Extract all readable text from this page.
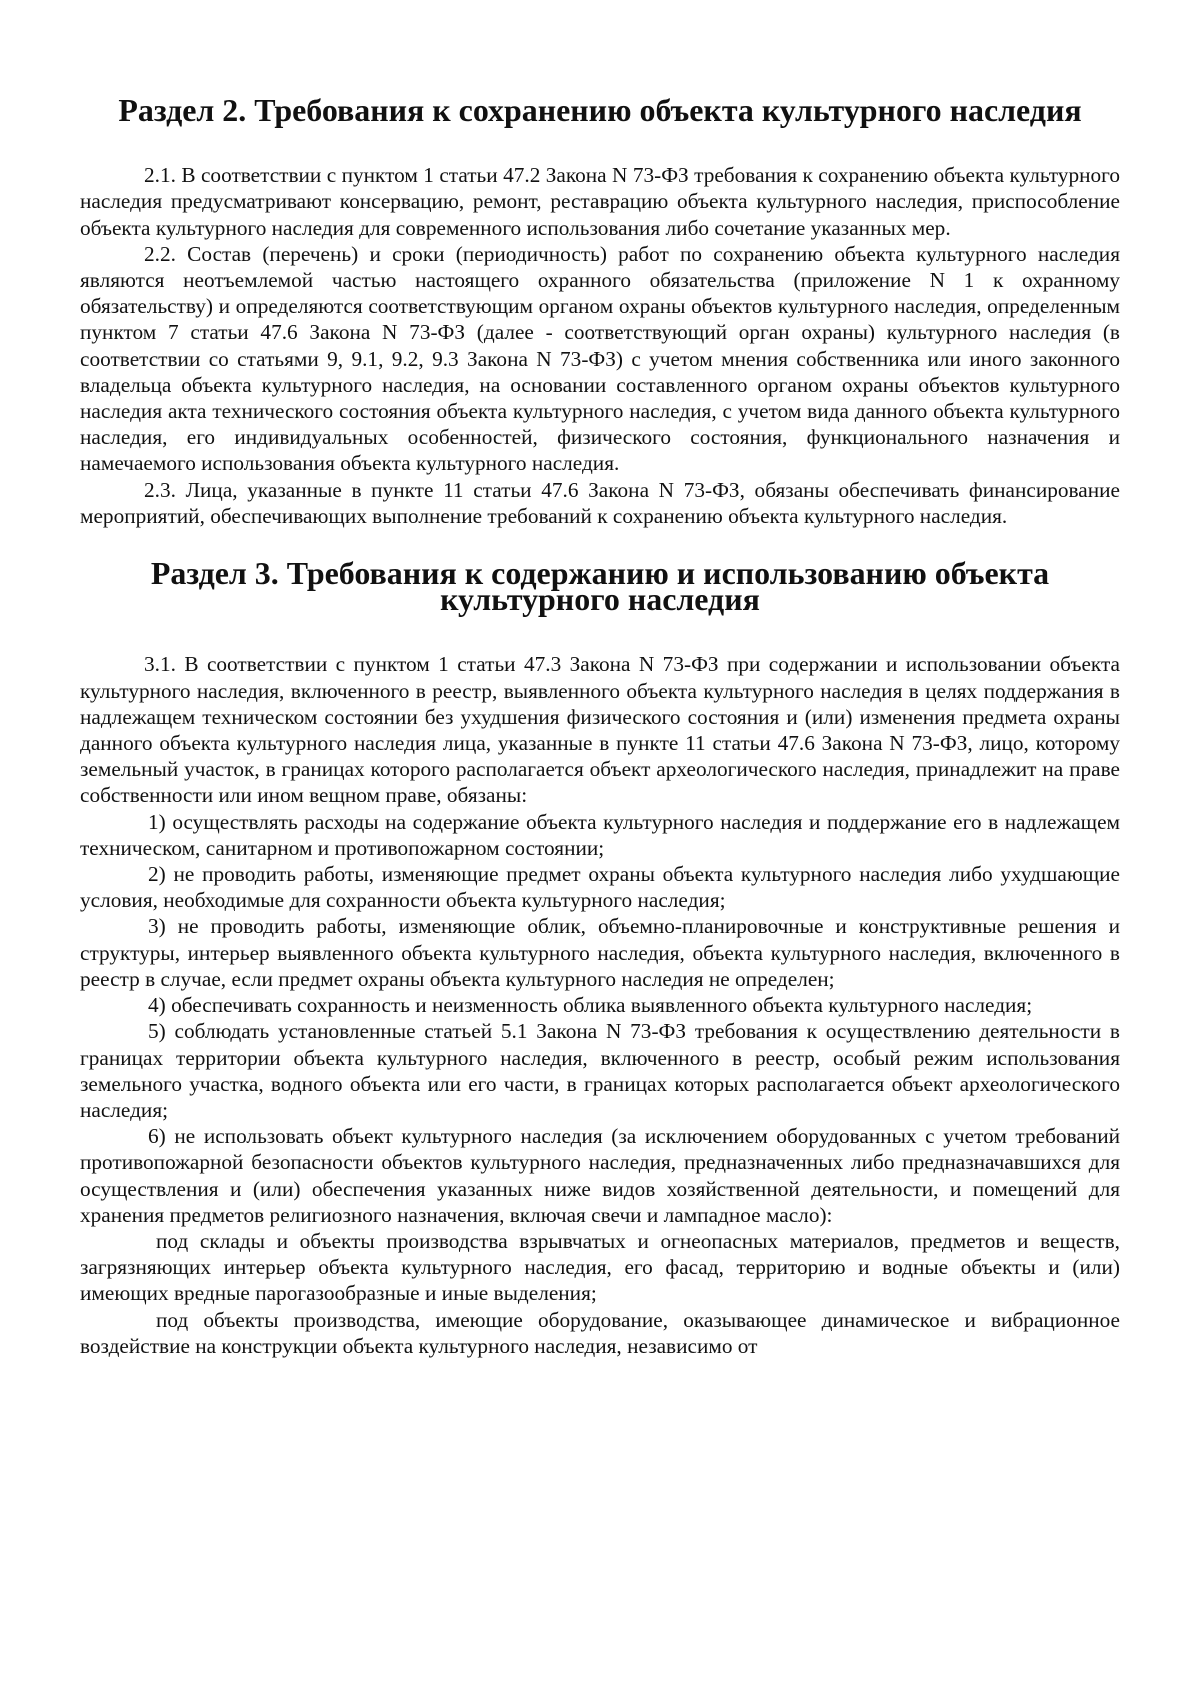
Раздел 2. Требования к сохранению объекта культурного наследия

2.1. В соответствии с пунктом 1 статьи 47.2 Закона N 73-ФЗ требования к сохранению объекта культурного наследия предусматривают консервацию, ремонт, реставрацию объекта культурного наследия, приспособление объекта культурного наследия для современного использования либо сочетание указанных мер.

2.2. Состав (перечень) и сроки (периодичность) работ по сохранению объекта культурного наследия являются неотъемлемой частью настоящего охранного обязательства (приложение N 1 к охранному обязательству) и определяются соответствующим органом охраны объектов культурного наследия, определенным пунктом 7 статьи 47.6 Закона N 73-ФЗ (далее - соответствующий орган охраны) культурного наследия (в соответствии со статьями 9, 9.1, 9.2, 9.3 Закона N 73-ФЗ) с учетом мнения собственника или иного законного владельца объекта культурного наследия, на основании составленного органом охраны объектов культурного наследия акта технического состояния объекта культурного наследия, с учетом вида данного объекта культурного наследия, его индивидуальных особенностей, физического состояния, функционального назначения и намечаемого использования объекта культурного наследия.

2.3. Лица, указанные в пункте 11 статьи 47.6 Закона N 73-ФЗ, обязаны обеспечивать финансирование мероприятий, обеспечивающих выполнение требований к сохранению объекта культурного наследия.

Раздел 3. Требования к содержанию и использованию объекта культурного наследия

3.1. В соответствии с пунктом 1 статьи 47.3 Закона N 73-ФЗ при содержании и использовании объекта культурного наследия, включенного в реестр, выявленного объекта культурного наследия в целях поддержания в надлежащем техническом состоянии без ухудшения физического состояния и (или) изменения предмета охраны данного объекта культурного наследия лица, указанные в пункте 11 статьи 47.6 Закона N 73-ФЗ, лицо, которому земельный участок, в границах которого располагается объект археологического наследия, принадлежит на праве собственности или ином вещном праве, обязаны:

1) осуществлять расходы на содержание объекта культурного наследия и поддержание его в надлежащем техническом, санитарном и противопожарном состоянии;

2) не проводить работы, изменяющие предмет охраны объекта культурного наследия либо ухудшающие условия, необходимые для сохранности объекта культурного наследия;

3) не проводить работы, изменяющие облик, объемно-планировочные и конструктивные решения и структуры, интерьер выявленного объекта культурного наследия, объекта культурного наследия, включенного в реестр в случае, если предмет охраны объекта культурного наследия не определен;

4) обеспечивать сохранность и неизменность облика выявленного объекта культурного наследия;

5) соблюдать установленные статьей 5.1 Закона N 73-ФЗ требования к осуществлению деятельности в границах территории объекта культурного наследия, включенного в реестр, особый режим использования земельного участка, водного объекта или его части, в границах которых располагается объект археологического наследия;

6) не использовать объект культурного наследия (за исключением оборудованных с учетом требований противопожарной безопасности объектов культурного наследия, предназначенных либо предназначавшихся для осуществления и (или) обеспечения указанных ниже видов хозяйственной деятельности, и помещений для хранения предметов религиозного назначения, включая свечи и лампадное масло):

под склады и объекты производства взрывчатых и огнеопасных материалов, предметов и веществ, загрязняющих интерьер объекта культурного наследия, его фасад, территорию и водные объекты и (или) имеющих вредные парогазообразные и иные выделения;

под объекты производства, имеющие оборудование, оказывающее динамическое и вибрационное воздействие на конструкции объекта культурного наследия, независимо от
